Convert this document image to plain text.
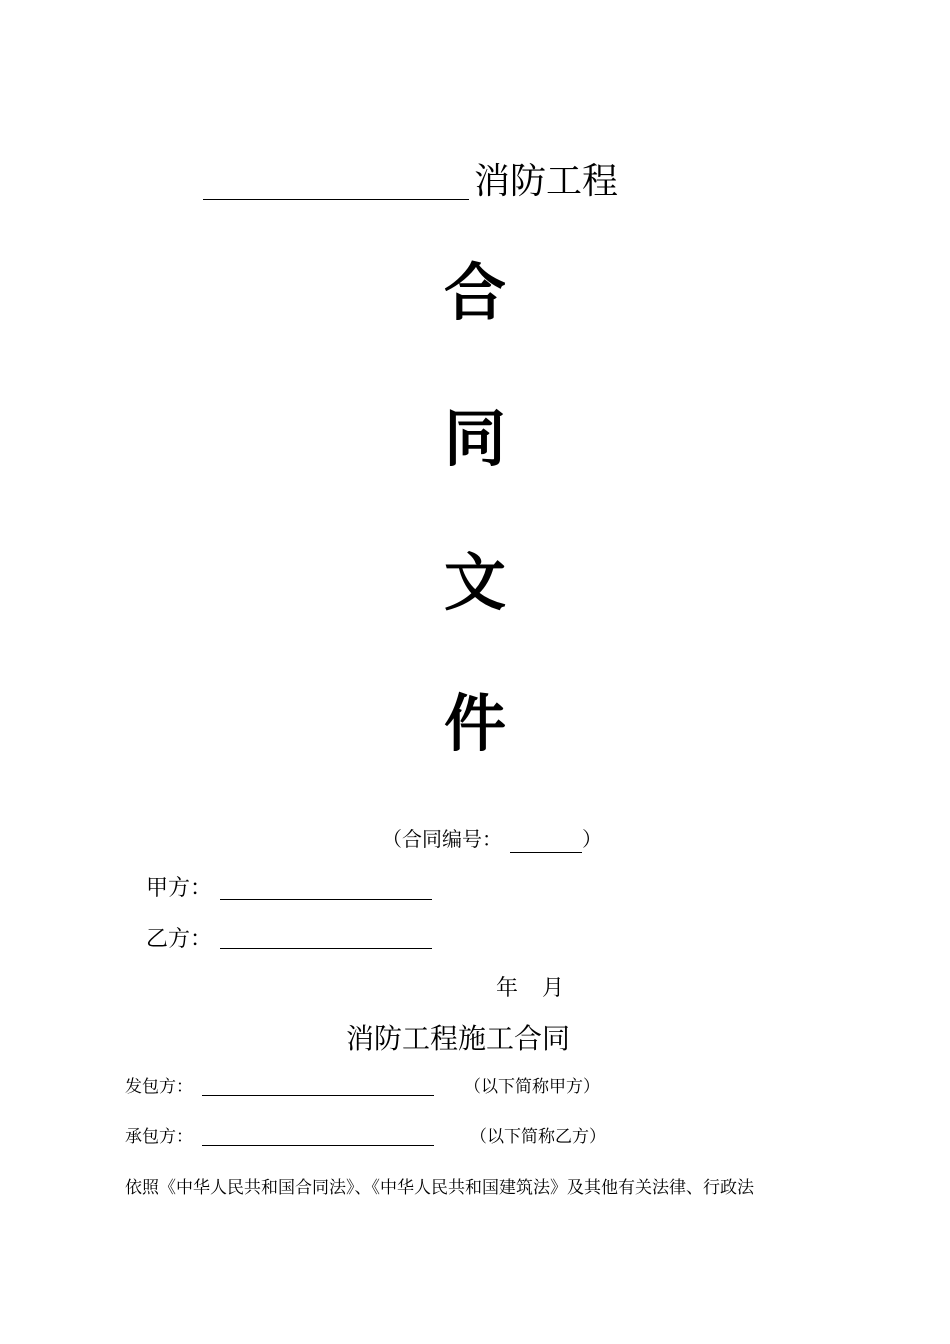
消防工程
合
同
文
件
（合同编号：	）
甲方：
乙方：
年 月
消防工程施工合同
发包方：	（以下简称甲方）
承包方：	（以下简称乙方）
依照《中华人民共和国合同法》、《中华人民共和国建筑法》及其他有关法律、行政法
